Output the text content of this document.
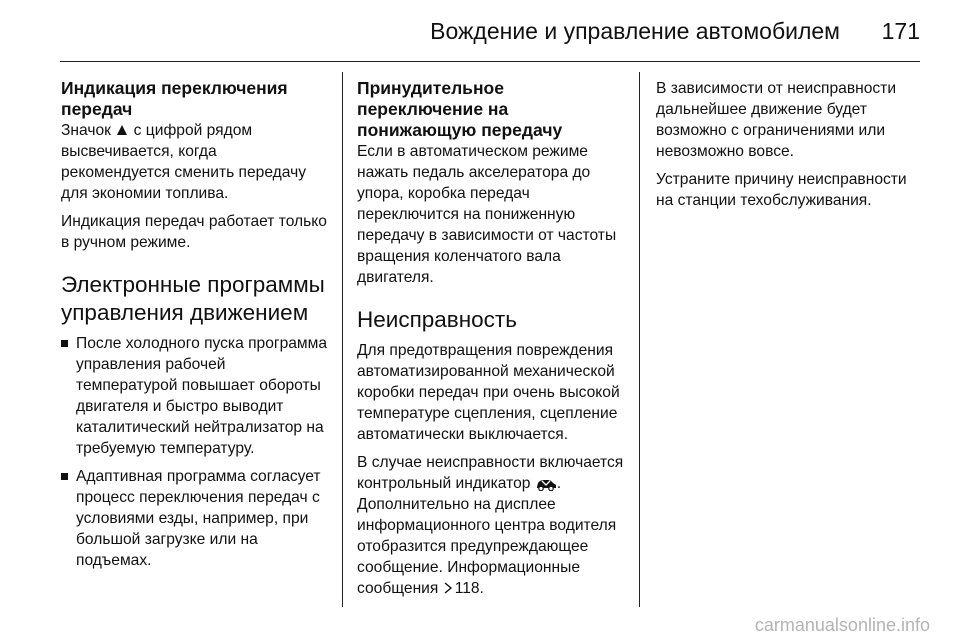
Вождение и управление автомобилем 171
Индикация переключения передач

Значок с цифрой рядом высвечивается, когда рекомендуется сменить передачу для экономии топлива.

Индикация передач работает только в ручном режиме.

Электронные программы управления движением
После холодного пуска программа управления рабочей температурой повышает обороты двигателя и быстро выводит каталитический нейтрализатор на требуемую температуру.
Адаптивная программа согласует процесс переключения передач с условиями езды, например, при большой загрузке или на подъемах.
Принудительное переключение на понижающую передачу

Если в автоматическом режиме нажать педаль акселератора до упора, коробка передач переключится на пониженную передачу в зависимости от частоты вращения коленчатого вала двигателя.

Неисправность

Для предотвращения повреждения автоматизированной механической коробки передач при очень высокой температуре сцепления, сцепление автоматически выключается.

В случае неисправности включается контрольный индикатор . Дополнительно на дисплее информационного центра водителя отобразится предупреждающее сообщение. Информационные сообщения 118.

В зависимости от неисправности дальнейшее движение будет возможно с ограничениями или невозможно вовсе.

Устраните причину неисправности на станции техобслуживания.

carmanualsonline.info
